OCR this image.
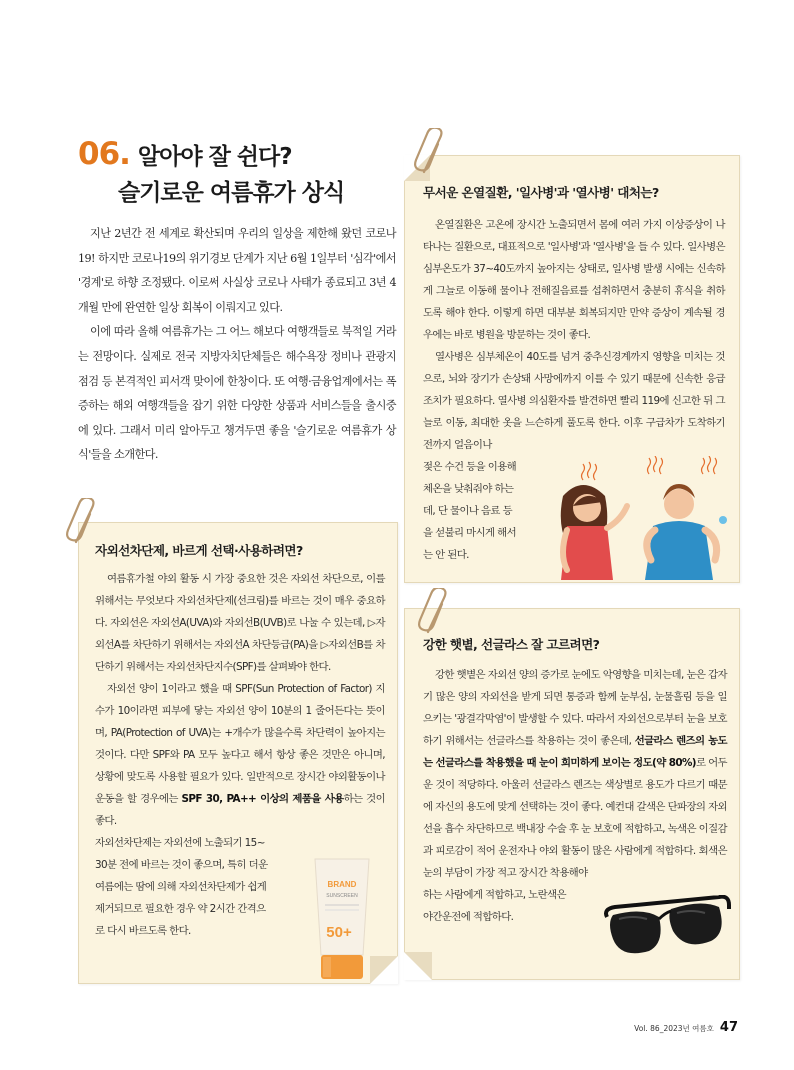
06. 알아야 잘 쉰다?
슬기로운 여름휴가 상식

지난 2년간 전 세계로 확산되며 우리의 일상을 제한해 왔던 코로나19! 하지만 코로나19의 위기경보 단계가 지난 6월 1일부터 '심각'에서 '경계'로 하향 조정됐다. 이로써 사실상 코로나 사태가 종료되고 3년 4개월 만에 완연한 일상 회복이 이뤄지고 있다.

이에 따라 올해 여름휴가는 그 어느 해보다 여행객들로 북적일 거라는 전망이다. 실제로 전국 지방자치단체들은 해수욕장 정비나 관광지 점검 등 본격적인 피서객 맞이에 한창이다. 또 여행·금융업계에서는 폭증하는 해외 여행객들을 잡기 위한 다양한 상품과 서비스들을 출시중에 있다. 그래서 미리 알아두고 챙겨두면 좋을 '슬기로운 여름휴가 상식'들을 소개한다.

무서운 온열질환, '일사병'과 '열사병' 대처는?

온열질환은 고온에 장시간 노출되면서 몸에 여러 가지 이상증상이 나타나는 질환으로, 대표적으로 '일사병'과 '열사병'을 들 수 있다. 일사병은 심부온도가 37~40도까지 높아지는 상태로, 일사병 발생 시에는 신속하게 그늘로 이동해 물이나 전해질음료를 섭취하면서 충분히 휴식을 취하도록 해야 한다. 이렇게 하면 대부분 회복되지만 만약 증상이 계속될 경우에는 바로 병원을 방문하는 것이 좋다.

열사병은 심부체온이 40도를 넘겨 중추신경계까지 영향을 미치는 것으로, 뇌와 장기가 손상돼 사망에까지 이를 수 있기 때문에 신속한 응급조치가 필요하다. 열사병 의심환자를 발견하면 빨리 119에 신고한 뒤 그늘로 이동, 최대한 옷을 느슨하게 풀도록 한다. 이후 구급차가 도착하기 전까지 얼음이나

젖은 수건 등을 이용해
체온을 낮춰줘야 하는
데, 단 물이나 음료 등
을 섣불리 마시게 해서
는 안 된다.
자외선차단제, 바르게 선택·사용하려면?

여름휴가철 야외 활동 시 가장 중요한 것은 자외선 차단으로, 이를 위해서는 무엇보다 자외선차단제(선크림)를 바르는 것이 매우 중요하다. 자외선은 자외선A(UVA)와 자외선B(UVB)로 나눌 수 있는데, ▷자외선A를 차단하기 위해서는 자외선A 차단등급(PA)을 ▷자외선B를 차단하기 위해서는 자외선차단지수(SPF)를 살펴봐야 한다.

자외선 양이 1이라고 했을 때 SPF(Sun Protection of Factor) 지수가 10이라면 피부에 닿는 자외선 양이 10분의 1 줄어든다는 뜻이며, PA(Protection of UVA)는 +개수가 많을수록 차단력이 높아지는 것이다. 다만 SPF와 PA 모두 높다고 해서 항상 좋은 것만은 아니며, 상황에 맞도록 사용할 필요가 있다. 일반적으로 장시간 야외활동이나 운동을 할 경우에는 SPF 30, PA++ 이상의 제품을 사용하는 것이 좋다.

자외선차단제는 자외선에 노출되기 15~
30분 전에 바르는 것이 좋으며, 특히 더운
여름에는 땀에 의해 자외선차단제가 쉽게
제거되므로 필요한 경우 약 2시간 간격으
로 다시 바르도록 한다.
BRAND
SUNSCREEN
50+
강한 햇볕, 선글라스 잘 고르려면?

강한 햇볕은 자외선 양의 증가로 눈에도 악영향을 미치는데, 눈은 갑자기 많은 양의 자외선을 받게 되면 통증과 함께 눈부심, 눈물흘림 등을 일으키는 '광결각막염'이 발생할 수 있다. 따라서 자외선으로부터 눈을 보호하기 위해서는 선글라스를 착용하는 것이 좋은데, 선글라스 렌즈의 농도는 선글라스를 착용했을 때 눈이 희미하게 보이는 정도(약 80%)로 어두운 것이 적당하다. 아울러 선글라스 렌즈는 색상별로 용도가 다르기 때문에 자신의 용도에 맞게 선택하는 것이 좋다. 예컨대 갈색은 단파장의 자외선을 흡수 차단하므로 백내장 수술 후 눈 보호에 적합하고, 녹색은 이질감과 피로감이 적어 운전자나 야외 활동이 많은 사람에게 적합하다. 회색은 눈의 부담이 가장 적고 장시간 착용해야

하는 사람에게 적합하고, 노란색은
야간운전에 적합하다.
Vol. 86_2023년 여름호 47
